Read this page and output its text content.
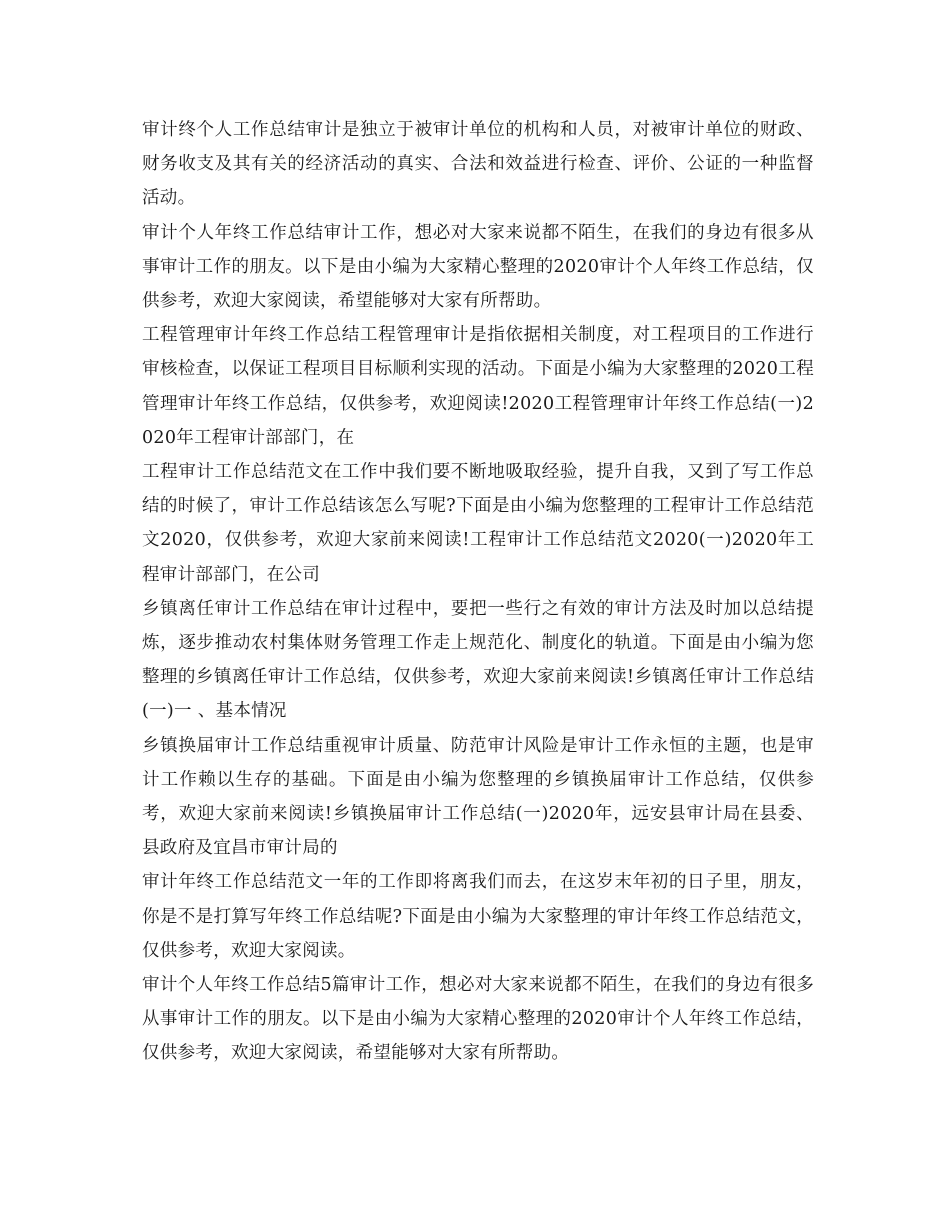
审计终个人工作总结审计是独立于被审计单位的机构和人员，对被审计单位的财政、财务收支及其有关的经济活动的真实、合法和效益进行检查、评价、公证的一种监督活动。

审计个人年终工作总结审计工作，想必对大家来说都不陌生，在我们的身边有很多从事审计工作的朋友。以下是由小编为大家精心整理的2020审计个人年终工作总结，仅供参考，欢迎大家阅读，希望能够对大家有所帮助。

工程管理审计年终工作总结工程管理审计是指依据相关制度，对工程项目的工作进行审核检查，以保证工程项目目标顺利实现的活动。下面是小编为大家整理的2020工程管理审计年终工作总结，仅供参考，欢迎阅读!2020工程管理审计年终工作总结(一)2020年工程审计部部门，在

工程审计工作总结范文在工作中我们要不断地吸取经验，提升自我，又到了写工作总结的时候了，审计工作总结该怎么写呢?下面是由小编为您整理的工程审计工作总结范文2020，仅供参考，欢迎大家前来阅读!工程审计工作总结范文2020(一)2020年工程审计部部门，在公司

乡镇离任审计工作总结在审计过程中，要把一些行之有效的审计方法及时加以总结提炼，逐步推动农村集体财务管理工作走上规范化、制度化的轨道。下面是由小编为您整理的乡镇离任审计工作总结，仅供参考，欢迎大家前来阅读!乡镇离任审计工作总结(一)一 、基本情况

乡镇换届审计工作总结重视审计质量、防范审计风险是审计工作永恒的主题，也是审计工作赖以生存的基础。下面是由小编为您整理的乡镇换届审计工作总结，仅供参考，欢迎大家前来阅读!乡镇换届审计工作总结(一)2020年，远安县审计局在县委、县政府及宜昌市审计局的

审计年终工作总结范文一年的工作即将离我们而去，在这岁末年初的日子里，朋友，你是不是打算写年终工作总结呢?下面是由小编为大家整理的审计年终工作总结范文，仅供参考，欢迎大家阅读。

审计个人年终工作总结5篇审计工作，想必对大家来说都不陌生，在我们的身边有很多从事审计工作的朋友。以下是由小编为大家精心整理的2020审计个人年终工作总结，仅供参考，欢迎大家阅读，希望能够对大家有所帮助。
